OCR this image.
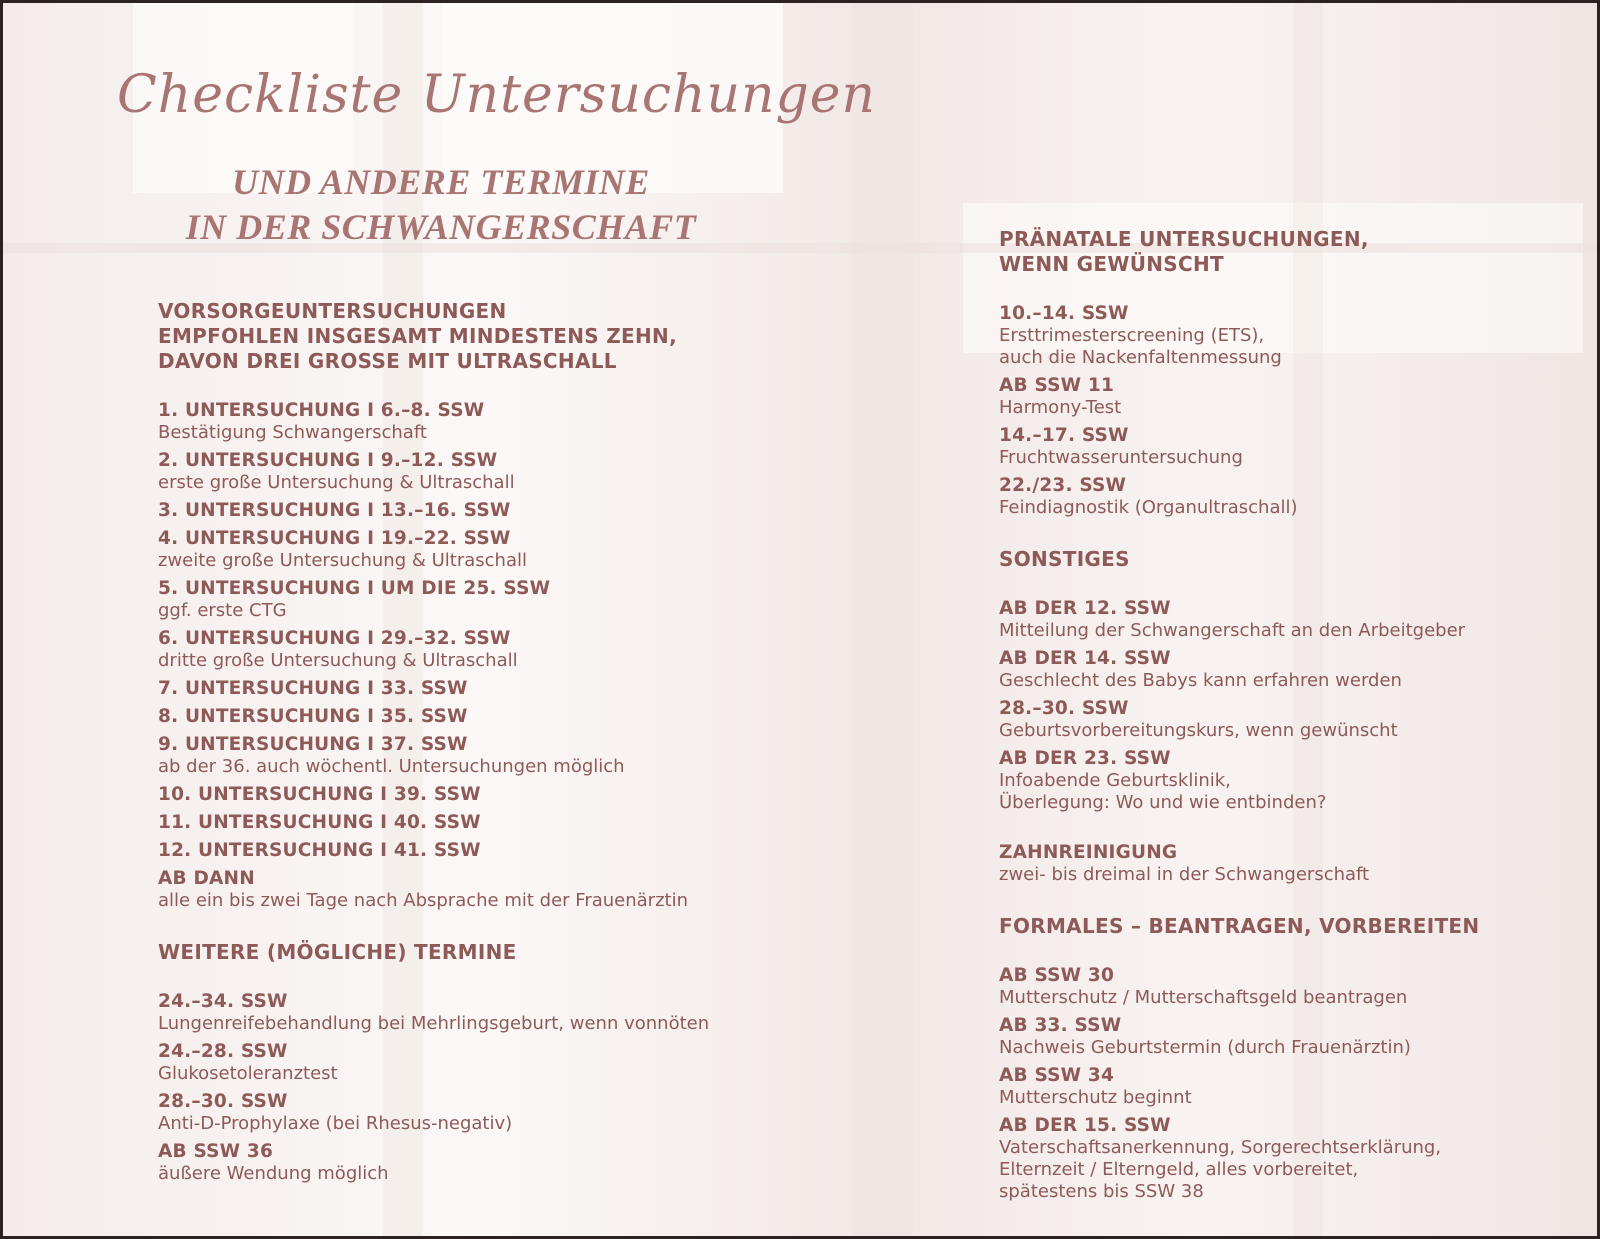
Checkliste Untersuchungen
UND ANDERE TERMINE
IN DER SCHWANGERSCHAFT
VORSORGEUNTERSUCHUNGEN
EMPFOHLEN INSGESAMT MINDESTENS ZEHN,
DAVON DREI GROSSE MIT ULTRASCHALL
1. UNTERSUCHUNG I 6.–8. SSW
Bestätigung Schwangerschaft
2. UNTERSUCHUNG I 9.–12. SSW
erste große Untersuchung & Ultraschall
3. UNTERSUCHUNG I 13.–16. SSW
4. UNTERSUCHUNG I 19.–22. SSW
zweite große Untersuchung & Ultraschall
5. UNTERSUCHUNG I UM DIE 25. SSW
ggf. erste CTG
6. UNTERSUCHUNG I 29.–32. SSW
dritte große Untersuchung & Ultraschall
7. UNTERSUCHUNG I 33. SSW
8. UNTERSUCHUNG I 35. SSW
9. UNTERSUCHUNG I 37. SSW
ab der 36. auch wöchentl. Untersuchungen möglich
10. UNTERSUCHUNG I 39. SSW
11. UNTERSUCHUNG I 40. SSW
12. UNTERSUCHUNG I 41. SSW
AB DANN
alle ein bis zwei Tage nach Absprache mit der Frauenärztin
WEITERE (MÖGLICHE) TERMINE
24.–34. SSW
Lungenreifebehandlung bei Mehrlingsgeburt, wenn vonnöten
24.–28. SSW
Glukosetoleranztest
28.–30. SSW
Anti-D-Prophylaxe (bei Rhesus-negativ)
AB SSW 36
äußere Wendung möglich
PRÄNATALE UNTERSUCHUNGEN,
WENN GEWÜNSCHT
10.–14. SSW
Ersttrimesterscreening (ETS),
auch die Nackenfaltenmessung
AB SSW 11
Harmony-Test
14.–17. SSW
Fruchtwasseruntersuchung
22./23. SSW
Feindiagnostik (Organultraschall)
SONSTIGES
AB DER 12. SSW
Mitteilung der Schwangerschaft an den Arbeitgeber
AB DER 14. SSW
Geschlecht des Babys kann erfahren werden
28.–30. SSW
Geburtsvorbereitungskurs, wenn gewünscht
AB DER 23. SSW
Infoabende Geburtsklinik,
Überlegung: Wo und wie entbinden?
ZAHNREINIGUNG
zwei- bis dreimal in der Schwangerschaft
FORMALES – BEANTRAGEN, VORBEREITEN
AB SSW 30
Mutterschutz / Mutterschaftsgeld beantragen
AB 33. SSW
Nachweis Geburtstermin (durch Frauenärztin)
AB SSW 34
Mutterschutz beginnt
AB DER 15. SSW
Vaterschaftsanerkennung, Sorgerechtserklärung,
Elternzeit / Elterngeld, alles vorbereitet,
spätestens bis SSW 38
